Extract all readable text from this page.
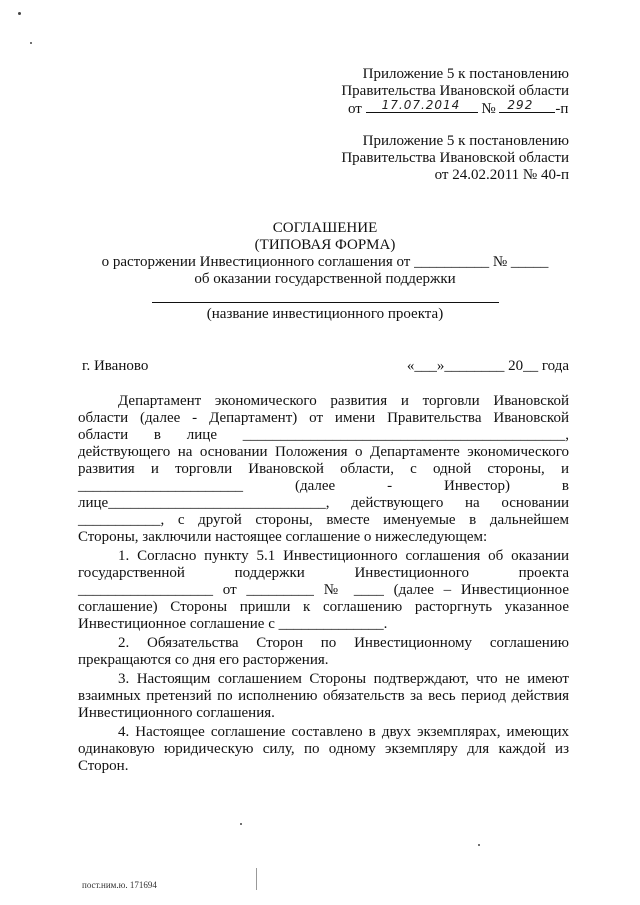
Приложение 5 к постановлению
Правительства Ивановской области
от 17.07.2014 № 292 -п
Приложение 5 к постановлению
Правительства Ивановской области
от 24.02.2011 № 40-п
СОГЛАШЕНИЕ
(ТИПОВАЯ ФОРМА)
о расторжении Инвестиционного соглашения от __________ № _____
об оказании государственной поддержки
(название инвестиционного проекта)
г. Иваново	«___»________ 20__ года
Департамент экономического развития и торговли Ивановской
области (далее - Департамент) от имени Правительства Ивановской
области в лице ___________________________________________,
действующего на основании Положения о Департаменте экономического
развития и торговли Ивановской области, с одной стороны, и
______________________ (далее - Инвестор) в
лице_____________________________, действующего на основании
___________, с другой стороны, вместе именуемые в дальнейшем
Стороны, заключили настоящее соглашение о нижеследующем:
1. Согласно пункту 5.1 Инвестиционного соглашения об оказании
государственной поддержки Инвестиционного проекта
__________________ от _________ № ____ (далее – Инвестиционное
соглашение) Стороны пришли к соглашению расторгнуть указанное
Инвестиционное соглашение с ______________.
2. Обязательства Сторон по Инвестиционному соглашению
прекращаются со дня его расторжения.
3. Настоящим соглашением Стороны подтверждают, что не имеют
взаимных претензий по исполнению обязательств за весь период действия
Инвестиционного соглашения.
4. Настоящее соглашение составлено в двух экземплярах, имеющих
одинаковую юридическую силу, по одному экземпляру для каждой из
Сторон.
пост.ним.ю. 171694
